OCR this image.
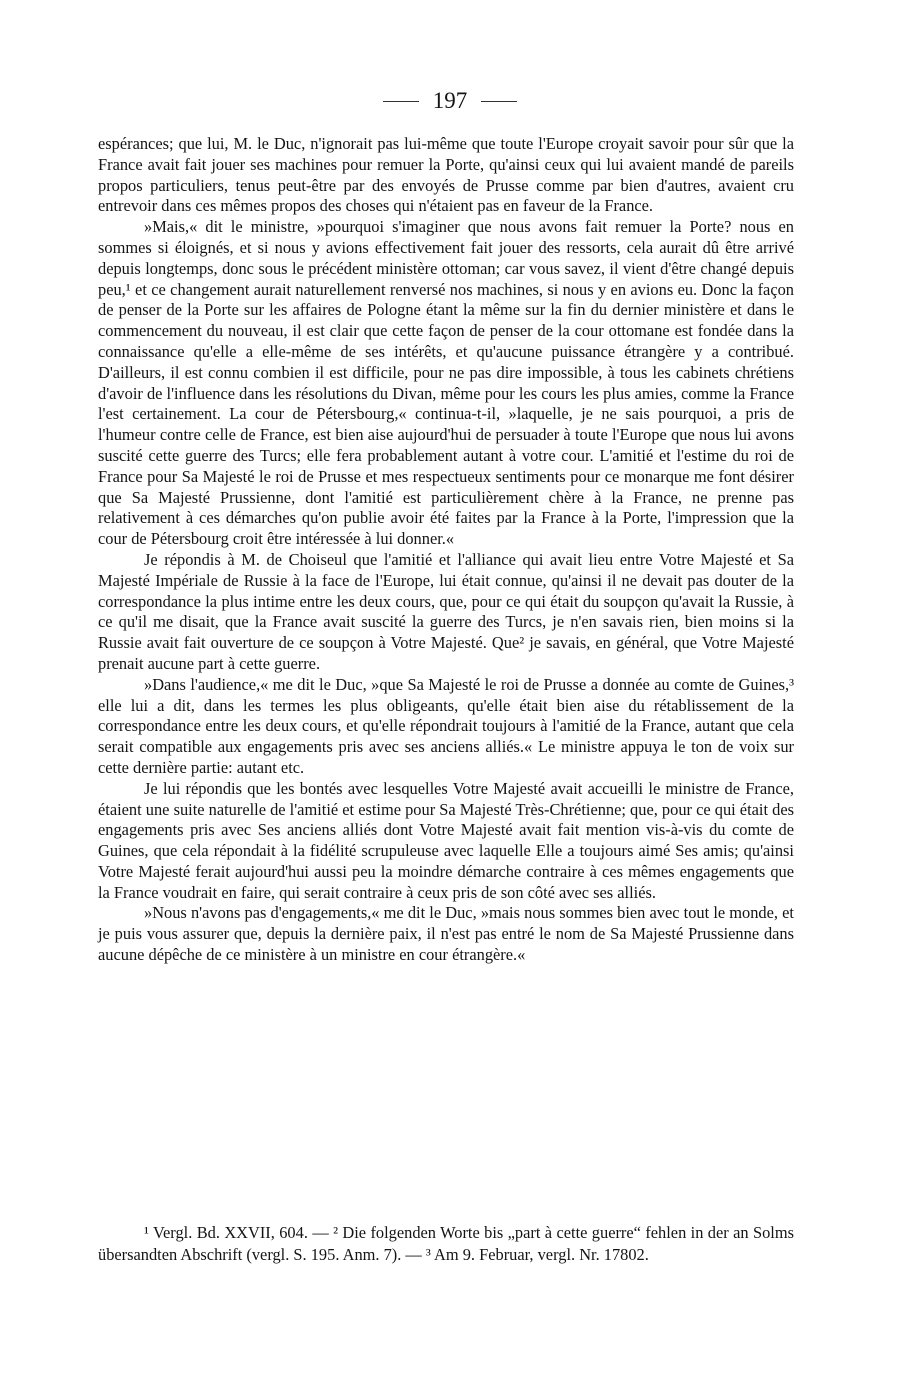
197

espérances; que lui, M. le Duc, n'ignorait pas lui-même que toute l'Europe croyait savoir pour sûr que la France avait fait jouer ses machines pour remuer la Porte, qu'ainsi ceux qui lui avaient mandé de pareils propos particuliers, tenus peut-être par des envoyés de Prusse comme par bien d'autres, avaient cru entrevoir dans ces mêmes propos des choses qui n'étaient pas en faveur de la France.

»Mais,« dit le ministre, »pourquoi s'imaginer que nous avons fait remuer la Porte? nous en sommes si éloignés, et si nous y avions effectivement fait jouer des ressorts, cela aurait dû être arrivé depuis longtemps, donc sous le précédent ministère ottoman; car vous savez, il vient d'être changé depuis peu,¹ et ce changement aurait naturellement renversé nos machines, si nous y en avions eu. Donc la façon de penser de la Porte sur les affaires de Pologne étant la même sur la fin du dernier ministère et dans le commencement du nouveau, il est clair que cette façon de penser de la cour ottomane est fondée dans la connaissance qu'elle a elle-même de ses intérêts, et qu'aucune puissance étrangère y a contribué. D'ailleurs, il est connu combien il est difficile, pour ne pas dire impossible, à tous les cabinets chrétiens d'avoir de l'influence dans les résolutions du Divan, même pour les cours les plus amies, comme la France l'est certainement. La cour de Pétersbourg,« continua-t-il, »laquelle, je ne sais pourquoi, a pris de l'humeur contre celle de France, est bien aise aujourd'hui de persuader à toute l'Europe que nous lui avons suscité cette guerre des Turcs; elle fera probablement autant à votre cour. L'amitié et l'estime du roi de France pour Sa Majesté le roi de Prusse et mes respectueux sentiments pour ce monarque me font désirer que Sa Majesté Prussienne, dont l'amitié est particulièrement chère à la France, ne prenne pas relativement à ces démarches qu'on publie avoir été faites par la France à la Porte, l'impression que la cour de Pétersbourg croit être intéressée à lui donner.«

Je répondis à M. de Choiseul que l'amitié et l'alliance qui avait lieu entre Votre Majesté et Sa Majesté Impériale de Russie à la face de l'Europe, lui était connue, qu'ainsi il ne devait pas douter de la correspondance la plus intime entre les deux cours, que, pour ce qui était du soupçon qu'avait la Russie, à ce qu'il me disait, que la France avait suscité la guerre des Turcs, je n'en savais rien, bien moins si la Russie avait fait ouverture de ce soupçon à Votre Majesté. Que² je savais, en général, que Votre Majesté prenait aucune part à cette guerre.

»Dans l'audience,« me dit le Duc, »que Sa Majesté le roi de Prusse a donnée au comte de Guines,³ elle lui a dit, dans les termes les plus obligeants, qu'elle était bien aise du rétablissement de la correspondance entre les deux cours, et qu'elle répondrait toujours à l'amitié de la France, autant que cela serait compatible aux engagements pris avec ses anciens alliés.« Le ministre appuya le ton de voix sur cette dernière partie: autant etc.

Je lui répondis que les bontés avec lesquelles Votre Majesté avait accueilli le ministre de France, étaient une suite naturelle de l'amitié et estime pour Sa Majesté Très-Chrétienne; que, pour ce qui était des engagements pris avec Ses anciens alliés dont Votre Majesté avait fait mention vis-à-vis du comte de Guines, que cela répondait à la fidélité scrupuleuse avec laquelle Elle a toujours aimé Ses amis; qu'ainsi Votre Majesté ferait aujourd'hui aussi peu la moindre démarche contraire à ces mêmes engagements que la France voudrait en faire, qui serait contraire à ceux pris de son côté avec ses alliés.

»Nous n'avons pas d'engagements,« me dit le Duc, »mais nous sommes bien avec tout le monde, et je puis vous assurer que, depuis la dernière paix, il n'est pas entré le nom de Sa Majesté Prussienne dans aucune dépêche de ce ministère à un ministre en cour étrangère.«

¹ Vergl. Bd. XXVII, 604. — ² Die folgenden Worte bis „part à cette guerre“ fehlen in der an Solms übersandten Abschrift (vergl. S. 195. Anm. 7). — ³ Am 9. Februar, vergl. Nr. 17802.
